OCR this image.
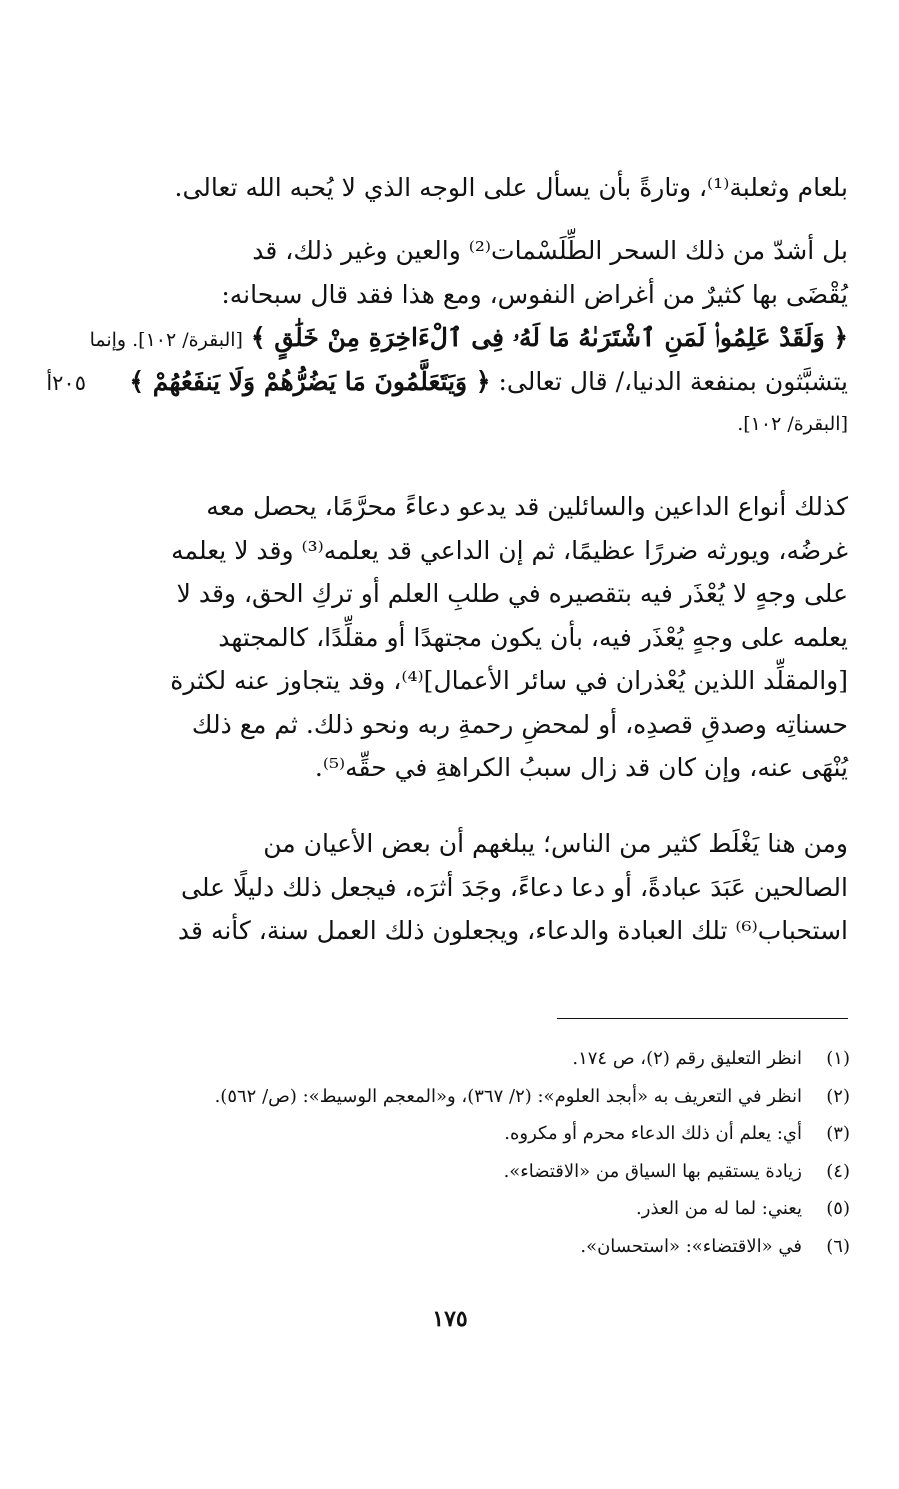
بلعام وثعلبة⁽¹⁾، وتارةً بأن يسأل على الوجه الذي لا يُحبه الله تعالى.
بل أشدّ من ذلك السحر الطِّلَسْمات⁽²⁾ والعين وغير ذلك، قد
يُقْضَى بها كثيرٌ من أغراض النفوس، ومع هذا فقد قال سبحانه:
﴿ وَلَقَدْ عَلِمُوا۟ لَمَنِ ٱشْتَرَىٰهُ مَا لَهُۥ فِى ٱلْءَاخِرَةِ مِنْ خَلَٰقٍ ﴾ [البقرة/ ١٠٢]. وإنما
يتشبَّثون بمنفعة الدنيا،/ قال تعالى: ﴿ وَيَتَعَلَّمُونَ مَا يَضُرُّهُمْ وَلَا يَنفَعُهُمْ ﴾
[البقرة/ ١٠٢].
٢٠٥أ
كذلك أنواع الداعين والسائلين قد يدعو دعاءً محرَّمًا، يحصل معه
غرضُه، ويورثه ضررًا عظيمًا، ثم إن الداعي قد يعلمه⁽³⁾ وقد لا يعلمه
على وجهٍ لا يُعْذَر فيه بتقصيره في طلبِ العلم أو تركِ الحق، وقد لا
يعلمه على وجهٍ يُعْذَر فيه، بأن يكون مجتهدًا أو مقلِّدًا، كالمجتهد
[والمقلِّد اللذين يُعْذران في سائر الأعمال]⁽⁴⁾، وقد يتجاوز عنه لكثرة
حسناتِه وصدقِ قصدِه، أو لمحضِ رحمةِ ربه ونحو ذلك. ثم مع ذلك
يُنْهَى عنه، وإن كان قد زال سببُ الكراهةِ في حقِّه⁽⁵⁾.
ومن هنا يَغْلَط كثير من الناس؛ يبلغهم أن بعض الأعيان من
الصالحين عَبَدَ عبادةً، أو دعا دعاءً، وجَدَ أثرَه، فيجعل ذلك دليلًا على
استحباب⁽⁶⁾ تلك العبادة والدعاء، ويجعلون ذلك العمل سنة، كأنه قد
(١)
انظر التعليق رقم (٢)، ص ١٧٤.
(٢)
انظر في التعريف به «أبجد العلوم»: (٢/ ٣٦٧)، و«المعجم الوسيط»: (ص/ ٥٦٢).
(٣)
أي: يعلم أن ذلك الدعاء محرم أو مكروه.
(٤)
زيادة يستقيم بها السياق من «الاقتضاء».
(٥)
يعني: لما له من العذر.
(٦)
في «الاقتضاء»: «استحسان».
١٧٥
